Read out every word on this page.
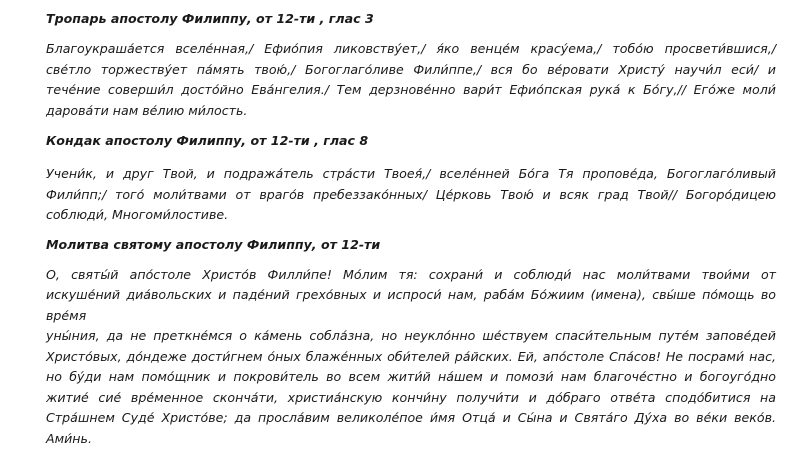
Тропарь апостолу Филиппу, от 12-ти , глас 3

Благоукраша́ется вселе́нная,/ Ефио́пия ликовству́ет,/ я́ко венце́м красу́ема,/ тобо́ю просвети́вшися,/
све́тло торжеству́ет па́мять твою́,/ Богоглаго́ливе Фили́ппе,/ вся бо ве́ровати Христу́ научи́л еси́/ и
тече́ние соверши́л досто́йно Ева́нгелия./ Тем дерзнове́нно вари́т Ефио́пская рука́ к Бо́гу,// Его́же моли́
дарова́ти нам ве́лию ми́лость.

Кондак апостолу Филиппу, от 12-ти , глас 8

Учени́к, и друг Твой, и подража́тель стра́сти Твоея́,/ вселе́нней Бо́га Тя пропове́да, Богоглаго́ливый
Фили́пп;/ того́ моли́твами от враго́в пребеззако́нных/ Це́рковь Твою́ и всяк град Твой// Богоро́дицею
соблюди́, Многоми́лостиве.

Молитва святому апостолу Филиппу, от 12-ти

О, святы́й апо́столе Христо́в Филли́пе! Мо́лим тя: сохрани́ и соблюди́ нас моли́твами твои́ми от
искуше́ний диа́вольских и паде́ний грехо́вных и испроси́ нам, раба́м Бо́жиим (имена), свы́ше по́мощь во вре́мя
уны́ния, да не преткне́мся о ка́мень собла́зна, но неукло́нно ше́ствуем спаси́тельным путе́м запове́дей
Христо́вых, до́ндеже дости́гнем о́ных блаже́нных оби́телей ра́йских. Ей, апо́столе Спа́сов! Не посрами́ нас,
но бу́ди нам помо́щник и покрови́тель во всем жити́й на́шем и помози́ нам благоче́стно и богоуго́дно
житие́ сие́ вре́менное сконча́ти, христиа́нскую кончи́ну получи́ти и до́браго отве́та сподо́битися на
Стра́шнем Суде́ Христо́ве; да просла́вим великоле́пое и́мя Отца́ и Сы́на и Свята́го Ду́ха во ве́ки веко́в.
Ами́нь.
